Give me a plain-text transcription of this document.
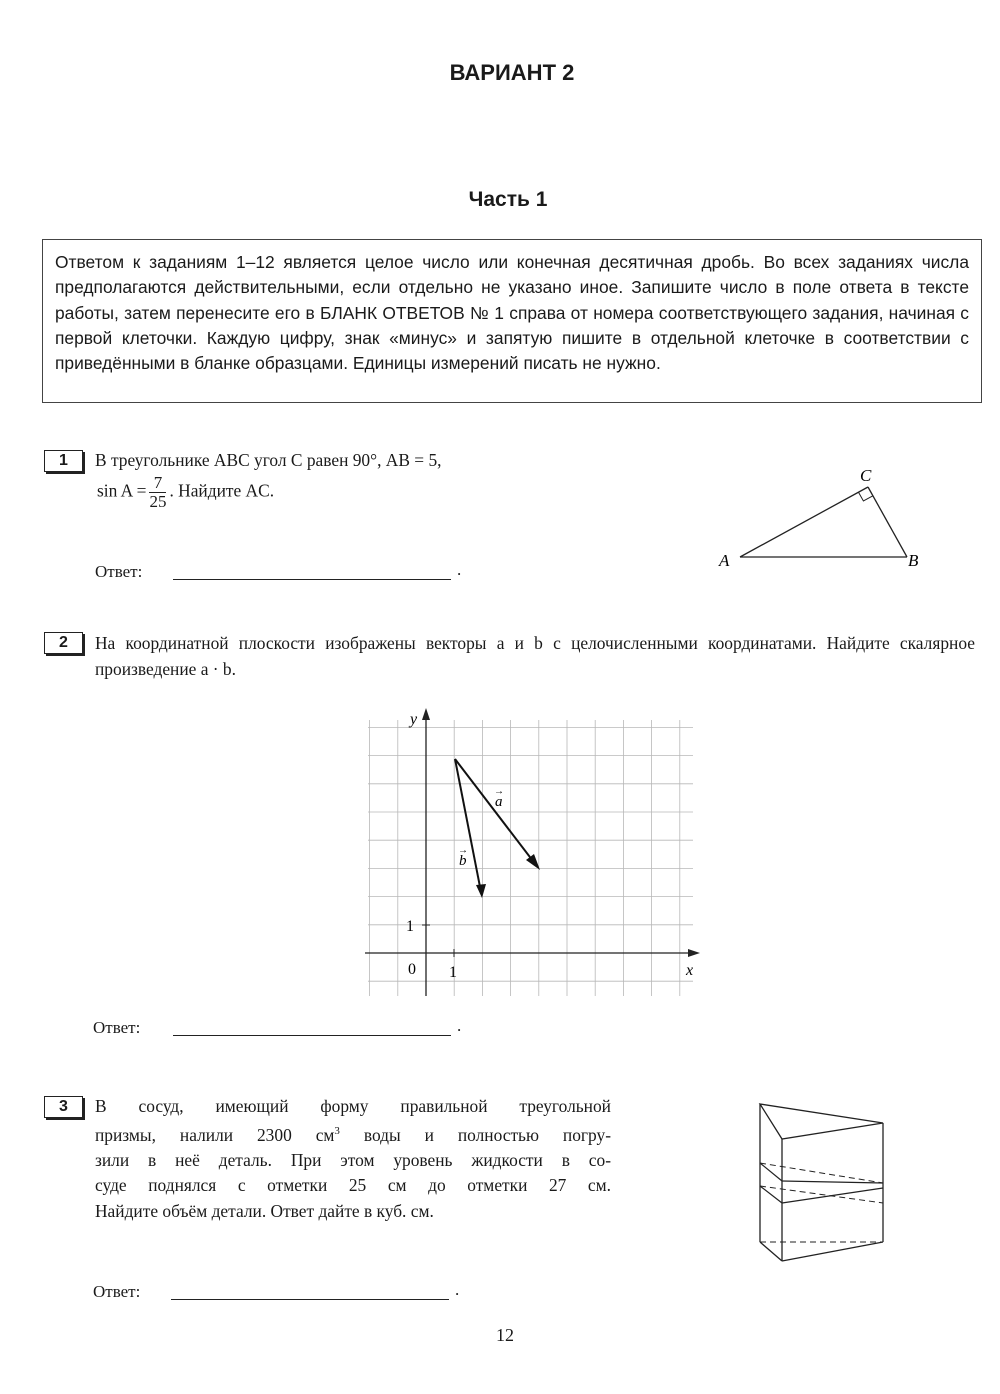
ВАРИАНТ 2
Часть 1
Ответом к заданиям 1–12 является целое число или конечная десятичная дробь. Во всех заданиях числа предполагаются действительными, если отдельно не указано иное. Запишите число в поле ответа в тексте работы, затем перенесите его в БЛАНК ОТВЕТОВ № 1 справа от номера соответствующего задания, начиная с первой клеточки. Каждую цифру, знак «минус» и запятую пишите в отдельной клеточке в соответствии с приведёнными в бланке образцами. Единицы измерений писать не нужно.
1	В треугольнике ABC угол C равен 90°, AB = 5,
$\sin A = \frac{7}{25}$ . Найдите AC.
Ответ:	.	A	B
C
2	На координатной плоскости изображены векторы a и b с целочисленными координатами. Найдите скалярное произведение a · b.
y
x
0 1
1
a
→
b
→
Ответ:	.
3	В сосуд, имеющий форму правильной треугольной
призмы, налили 2300 $см^3$ воды и полностью погру-
зили в неё деталь. При этом уровень жидкости в со-
суде поднялся с отметки 25 см до отметки 27 см.
Найдите объём детали. Ответ дайте в куб. см.
Ответ:	.
12
